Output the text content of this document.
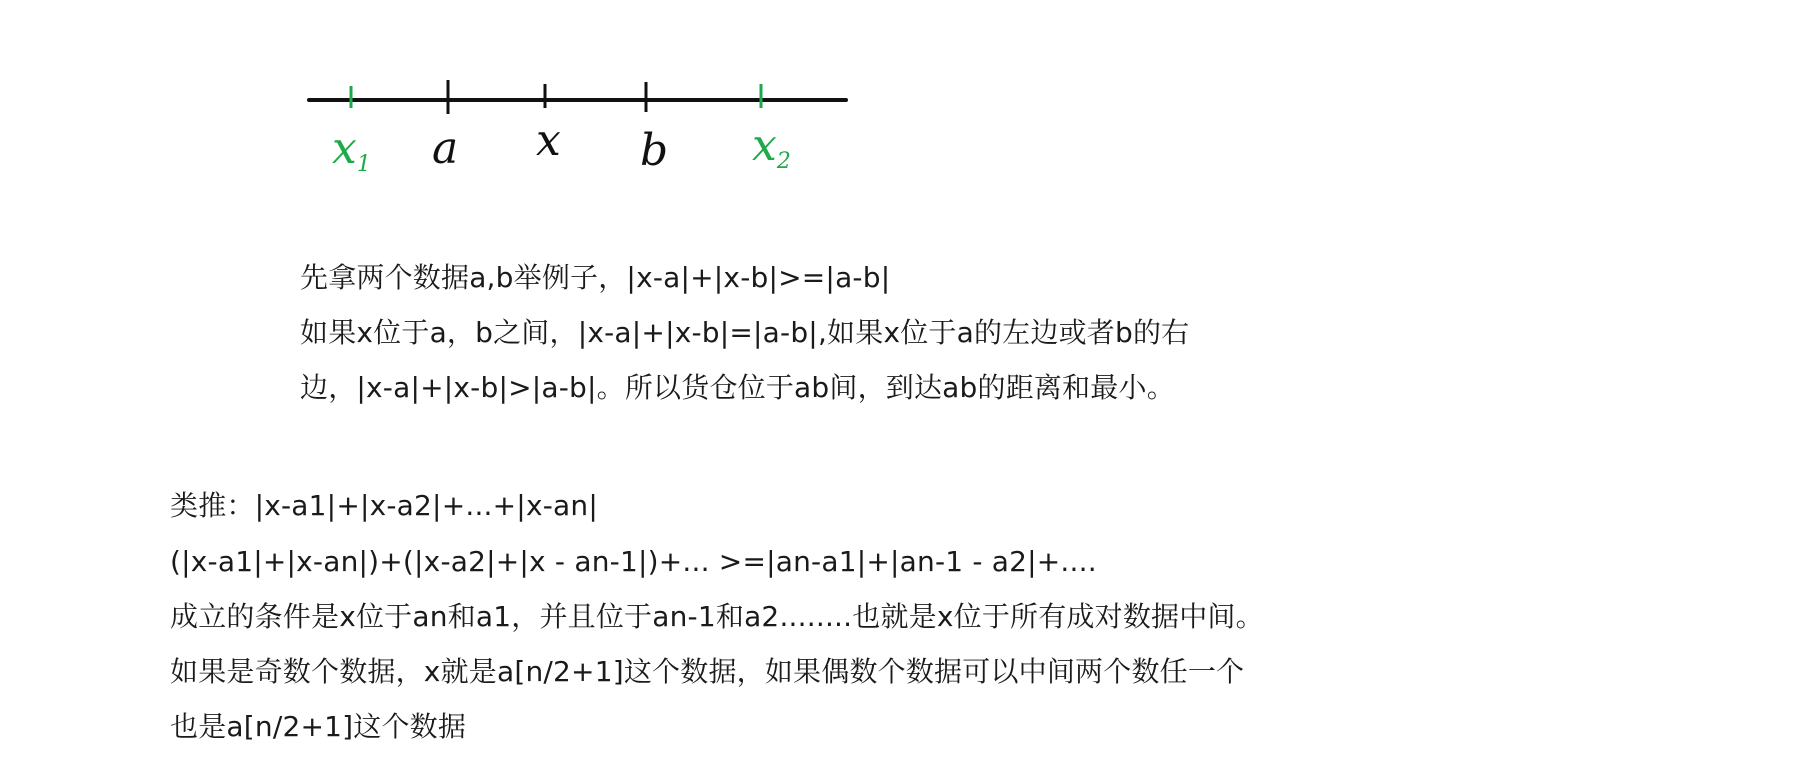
x1 a x b x2
先拿两个数据a,b举例子，|x-a|+|x-b|>=|a-b|
如果x位于a，b之间，|x-a|+|x-b|=|a-b|,如果x位于a的左边或者b的右
边，|x-a|+|x-b|>|a-b|。所以货仓位于ab间，到达ab的距离和最小。
类推：|x-a1|+|x-a2|+...+|x-an|
(|x-a1|+|x-an|)+(|x-a2|+|x - an-1|)+... >=|an-a1|+|an-1 - a2|+....
成立的条件是x位于an和a1，并且位于an-1和a2........也就是x位于所有成对数据中间。
如果是奇数个数据，x就是a[n/2+1]这个数据，如果偶数个数据可以中间两个数任一个
也是a[n/2+1]这个数据
